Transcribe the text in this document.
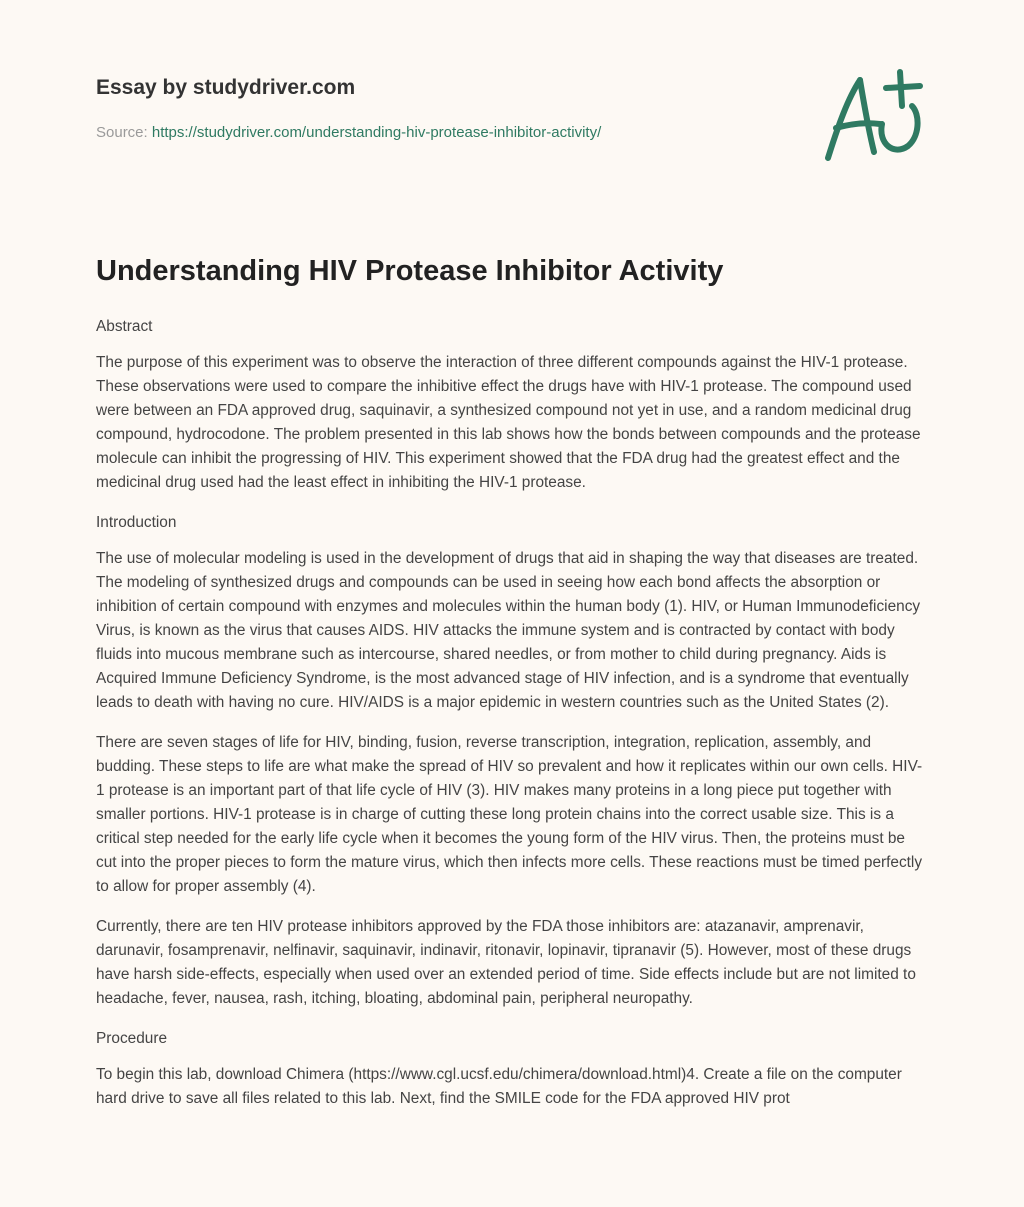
Essay by studydriver.com
Source: https://studydriver.com/understanding-hiv-protease-inhibitor-activity/
Understanding HIV Protease Inhibitor Activity

Abstract

The purpose of this experiment was to observe the interaction of three different compounds against the HIV-1 protease. These observations were used to compare the inhibitive effect the drugs have with HIV-1 protease. The compound used were between an FDA approved drug, saquinavir, a synthesized compound not yet in use, and a random medicinal drug compound, hydrocodone. The problem presented in this lab shows how the bonds between compounds and the protease molecule can inhibit the progressing of HIV. This experiment showed that the FDA drug had the greatest effect and the medicinal drug used had the least effect in inhibiting the HIV-1 protease.

Introduction

The use of molecular modeling is used in the development of drugs that aid in shaping the way that diseases are treated. The modeling of synthesized drugs and compounds can be used in seeing how each bond affects the absorption or inhibition of certain compound with enzymes and molecules within the human body (1). HIV, or Human Immunodeficiency Virus, is known as the virus that causes AIDS. HIV attacks the immune system and is contracted by contact with body fluids into mucous membrane such as intercourse, shared needles, or from mother to child during pregnancy. Aids is Acquired Immune Deficiency Syndrome, is the most advanced stage of HIV infection, and is a syndrome that eventually leads to death with having no cure. HIV/AIDS is a major epidemic in western countries such as the United States (2).

There are seven stages of life for HIV, binding, fusion, reverse transcription, integration, replication, assembly, and budding. These steps to life are what make the spread of HIV so prevalent and how it replicates within our own cells. HIV-1 protease is an important part of that life cycle of HIV (3). HIV makes many proteins in a long piece put together with smaller portions. HIV-1 protease is in charge of cutting these long protein chains into the correct usable size. This is a critical step needed for the early life cycle when it becomes the young form of the HIV virus. Then, the proteins must be cut into the proper pieces to form the mature virus, which then infects more cells. These reactions must be timed perfectly to allow for proper assembly (4).

Currently, there are ten HIV protease inhibitors approved by the FDA those inhibitors are: atazanavir, amprenavir, darunavir, fosamprenavir, nelfinavir, saquinavir, indinavir, ritonavir, lopinavir, tipranavir (5). However, most of these drugs have harsh side-effects, especially when used over an extended period of time. Side effects include but are not limited to headache, fever, nausea, rash, itching, bloating, abdominal pain, peripheral neuropathy.

Procedure

To begin this lab, download Chimera (https://www.cgl.ucsf.edu/chimera/download.html)4. Create a file on the computer hard drive to save all files related to this lab. Next, find the SMILE code for the FDA approved HIV prot
